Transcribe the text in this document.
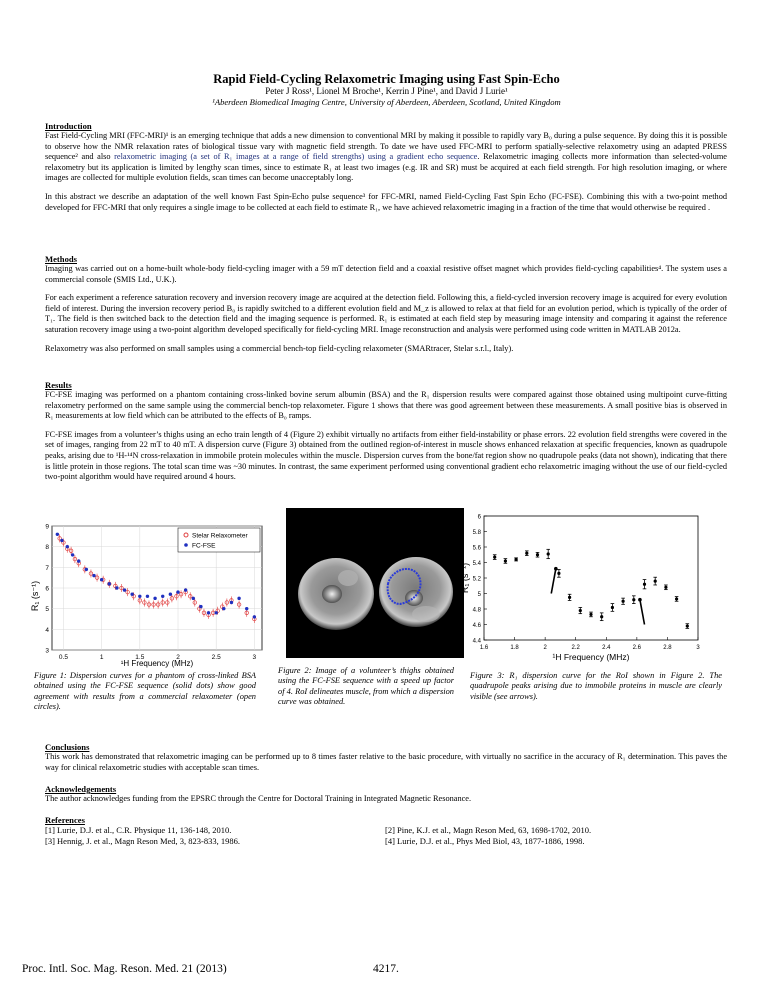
Rapid Field-Cycling Relaxometric Imaging using Fast Spin-Echo
Peter J Ross¹, Lionel M Broche¹, Kerrin J Pine¹, and David J Lurie¹
¹Aberdeen Biomedical Imaging Centre, University of Aberdeen, Aberdeen, Scotland, United Kingdom
Introduction

Fast Field-Cycling MRI (FFC-MRI)¹ is an emerging technique that adds a new dimension to conventional MRI by making it possible to rapidly vary B₀ during a pulse sequence. By doing this it is possible to observe how the NMR relaxation rates of biological tissue vary with magnetic field strength. To date we have used FFC-MRI to perform spatially-selective relaxometry using an adapted PRESS sequence² and also relaxometric imaging (a set of R₁ images at a range of field strengths) using a gradient echo sequence. Relaxometric imaging collects more information than selected-volume relaxometry but its application is limited by lengthy scan times, since to estimate R₁ at least two images (e.g. IR and SR) must be acquired at each field strength. For high resolution imaging, or where images are collected for multiple evolution fields, scan times can become unacceptably long.

In this abstract we describe an adaptation of the well known Fast Spin-Echo pulse sequence³ for FFC-MRI, named Field-Cycling Fast Spin Echo (FC-FSE). Combining this with a two-point method developed for FFC-MRI that only requires a single image to be collected at each field to estimate R₁, we have achieved relaxometric imaging in a fraction of the time that would otherwise be required .

Methods

Imaging was carried out on a home-built whole-body field-cycling imager with a 59 mT detection field and a coaxial resistive offset magnet which provides field-cycling capabilities⁴. The system uses a commercial console (SMIS Ltd., U.K.).

For each experiment a reference saturation recovery and inversion recovery image are acquired at the detection field. Following this, a field-cycled inversion recovery image is acquired for every evolution field of interest. During the inversion recovery period B₀ is rapidly switched to a different evolution field and M_z is allowed to relax at that field for an evolution period, which is typically of the order of T₁. The field is then switched back to the detection field and the imaging sequence is performed. R₁ is estimated at each field step by measuring image intensity and comparing it against the reference saturation recovery image using a two-point algorithm developed specifically for field-cycling MRI. Image reconstruction and analysis were performed using code written in MATLAB 2012a.

Relaxometry was also performed on small samples using a commercial bench-top field-cycling relaxometer (SMARtracer, Stelar s.r.l., Italy).

Results

FC-FSE imaging was performed on a phantom containing cross-linked bovine serum albumin (BSA) and the R₁ dispersion results were compared against those obtained using multipoint curve-fitting relaxometry performed on the same sample using the commercial bench-top relaxometer. Figure 1 shows that there was good agreement between these measurements. A small positive bias is observed in R₁ measurements at low field which can be attributed to the effects of B₀ ramps.

FC-FSE images from a volunteer’s thighs using an echo train length of 4 (Figure 2) exhibit virtually no artifacts from either field-instability or phase errors. 22 evolution field strengths were covered in the set of images, ranging from 22 mT to 40 mT. A dispersion curve (Figure 3) obtained from the outlined region-of-interest in muscle shows enhanced relaxation at specific frequencies, known as quadrupole peaks, arising due to ¹H-¹⁴N cross-relaxation in immobile protein molecules within the muscle. Dispersion curves from the bone/fat region show no quadrupole peaks (data not shown), indicating that there is little protein in those regions. The total scan time was ~30 minutes. In contrast, the same experiment performed using conventional gradient echo relaxometric imaging without the use of our field-cycled two-point algorithm would have required around 4 hours.

3
4
5
6
7
8
9
0.5	1	1.5	2	2.5	3
Stelar Relaxometer
FC-FSE
R₁ (s⁻¹)
¹H Frequency (MHz)
Figure 1: Dispersion curves for a phantom of cross-linked BSA obtained using the FC-FSE sequence (solid dots) show good agreement with results from a commercial relaxometer (open circles).
Figure 2: Image of a volunteer’s thighs obtained using the FC-FSE sequence with a speed up factor of 4. RoI delineates muscle, from which a dispersion curve was obtained.
4.4
4.6
4.8
5
5.2
5.4
5.6
5.8
6
1.6	1.8	2	2.2	2.4	2.6	2.8	3
R₁ (s⁻¹)
¹H Frequency (MHz)
Figure 3: R₁ dispersion curve for the RoI shown in Figure 2. The quadrupole peaks arising due to immobile proteins in muscle are clearly visible (see arrows).
Conclusions

This work has demonstrated that relaxometric imaging can be performed up to 8 times faster relative to the basic procedure, with virtually no sacrifice in the accuracy of R₁ determination. This paves the way for clinical relaxometric studies with acceptable scan times.

Acknowledgements

The author acknowledges funding from the EPSRC through the Centre for Doctoral Training in Integrated Magnetic Resonance.

References
[1] Lurie, D.J. et al., C.R. Physique 11, 136-148, 2010.	[2] Pine, K.J. et al., Magn Reson Med, 63, 1698-1702, 2010.
[3] Hennig, J. et al., Magn Reson Med, 3, 823-833, 1986.	[4] Lurie, D.J. et al., Phys Med Biol, 43, 1877-1886, 1998.
Proc. Intl. Soc. Mag. Reson. Med. 21 (2013)	4217.
